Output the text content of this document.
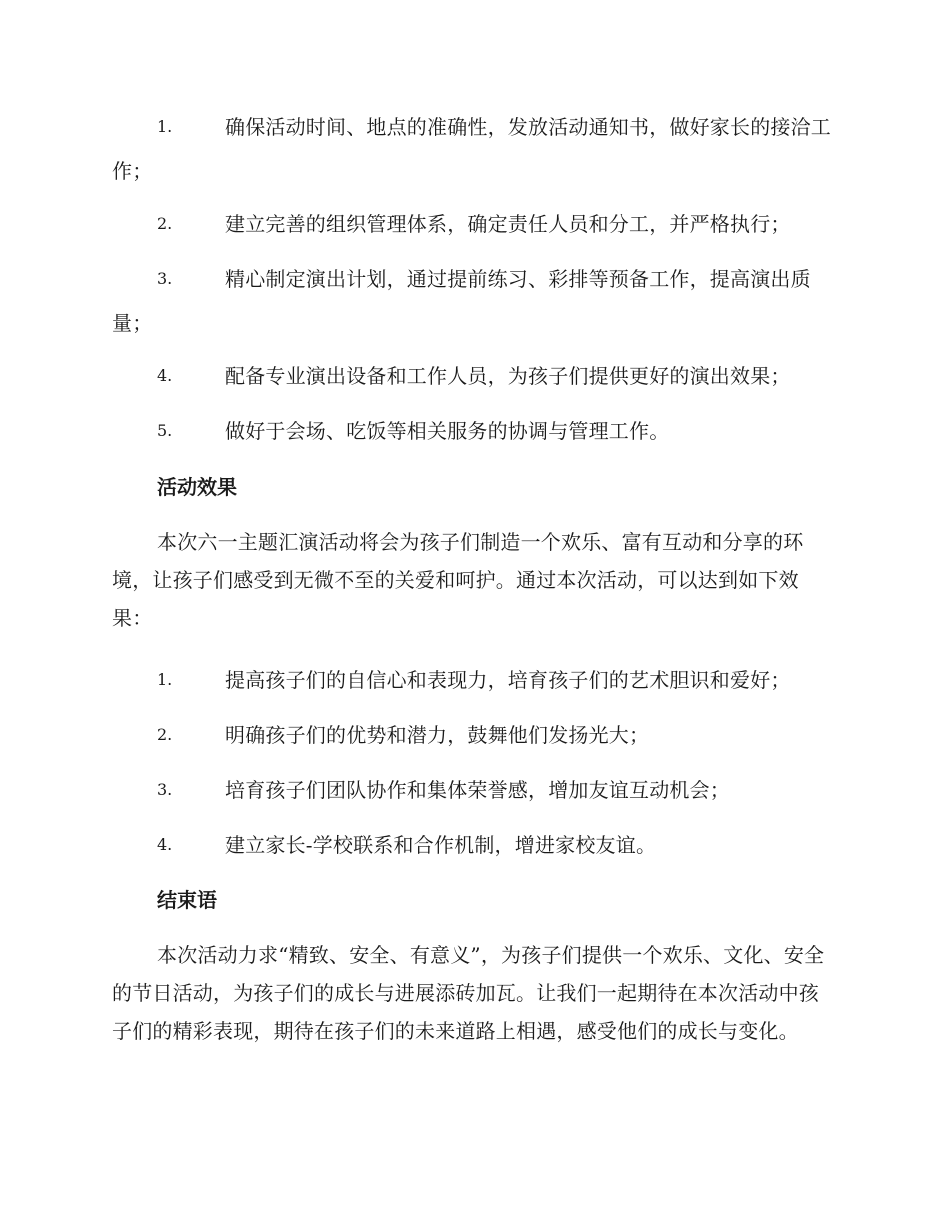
1.	确保活动时间、地点的准确性，发放活动通知书，做好家长的接洽工作；
2.	建立完善的组织管理体系，确定责任人员和分工，并严格执行；
3.	精心制定演出计划，通过提前练习、彩排等预备工作，提高演出质量；
4.	配备专业演出设备和工作人员，为孩子们提供更好的演出效果；
5.	做好于会场、吃饭等相关服务的协调与管理工作。
活动效果
本次六一主题汇演活动将会为孩子们制造一个欢乐、富有互动和分享的环境，让孩子们感受到无微不至的关爱和呵护。通过本次活动，可以达到如下效果：
1.	提高孩子们的自信心和表现力，培育孩子们的艺术胆识和爱好；
2.	明确孩子们的优势和潜力，鼓舞他们发扬光大；
3.	培育孩子们团队协作和集体荣誉感，增加友谊互动机会；
4.	建立家长-学校联系和合作机制，增进家校友谊。
结束语
本次活动力求“精致、安全、有意义”，为孩子们提供一个欢乐、文化、安全的节日活动，为孩子们的成长与进展添砖加瓦。让我们一起期待在本次活动中孩子们的精彩表现，期待在孩子们的未来道路上相遇，感受他们的成长与变化。
